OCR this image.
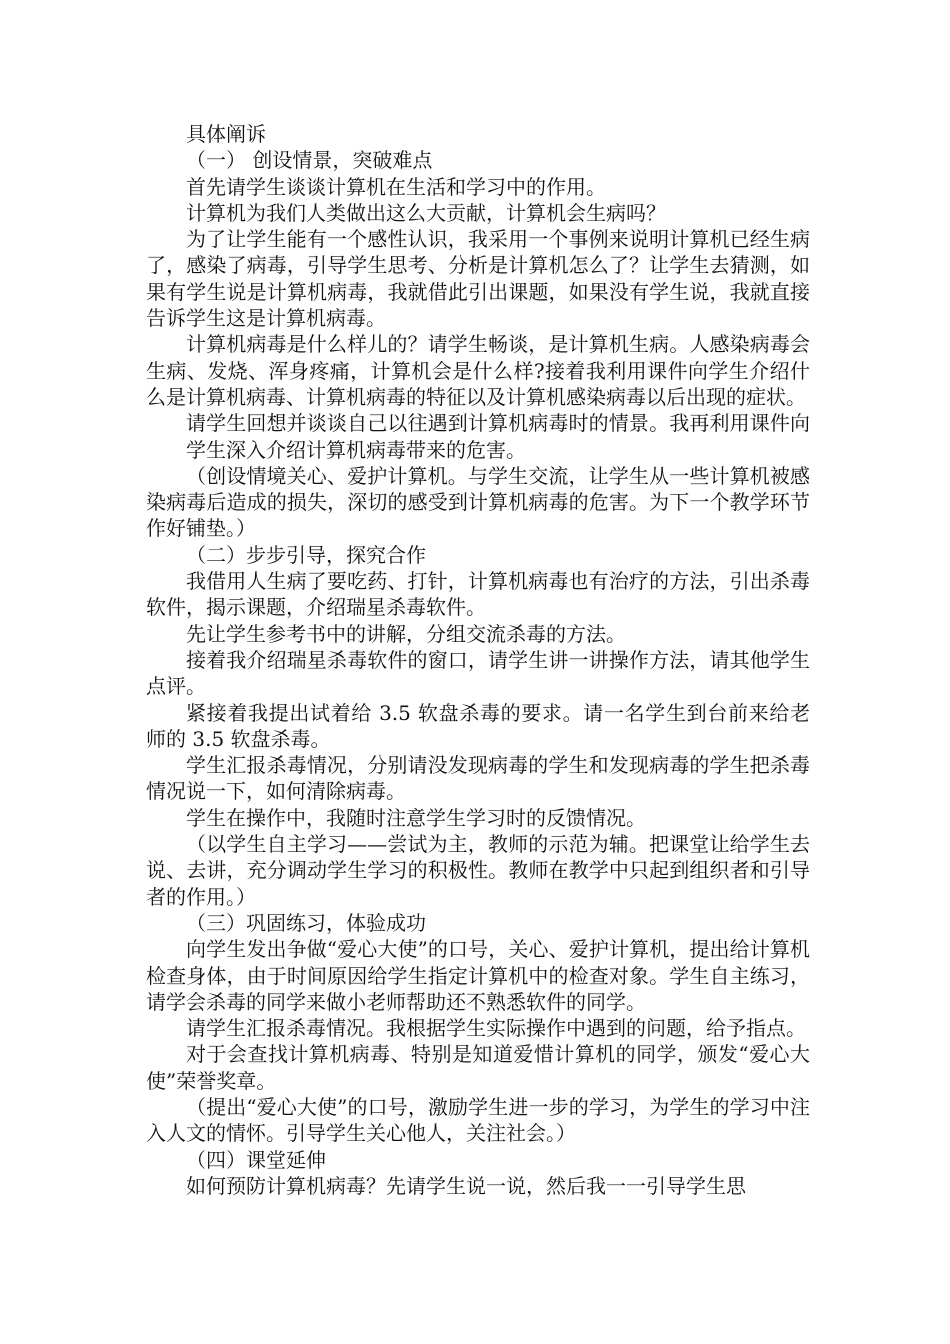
具体阐诉

（一） 创设情景，突破难点

首先请学生谈谈计算机在生活和学习中的作用。

计算机为我们人类做出这么大贡献，计算机会生病吗？

为了让学生能有一个感性认识，我采用一个事例来说明计算机已经生病了，感染了病毒，引导学生思考、分析是计算机怎么了？让学生去猜测，如果有学生说是计算机病毒，我就借此引出课题，如果没有学生说，我就直接告诉学生这是计算机病毒。

计算机病毒是什么样儿的？请学生畅谈，是计算机生病。人感染病毒会生病、发烧、浑身疼痛，计算机会是什么样?接着我利用课件向学生介绍什么是计算机病毒、计算机病毒的特征以及计算机感染病毒以后出现的症状。

请学生回想并谈谈自己以往遇到计算机病毒时的情景。我再利用课件向学生深入介绍计算机病毒带来的危害。

（创设情境关心、爱护计算机。与学生交流，让学生从一些计算机被感染病毒后造成的损失，深切的感受到计算机病毒的危害。为下一个教学环节作好铺垫。）

（二）步步引导，探究合作

我借用人生病了要吃药、打针，计算机病毒也有治疗的方法，引出杀毒软件，揭示课题，介绍瑞星杀毒软件。

先让学生参考书中的讲解，分组交流杀毒的方法。

接着我介绍瑞星杀毒软件的窗口，请学生讲一讲操作方法，请其他学生点评。

紧接着我提出试着给 3.5 软盘杀毒的要求。请一名学生到台前来给老师的 3.5 软盘杀毒。

学生汇报杀毒情况，分别请没发现病毒的学生和发现病毒的学生把杀毒情况说一下，如何清除病毒。

学生在操作中，我随时注意学生学习时的反馈情况。

（以学生自主学习——尝试为主，教师的示范为辅。把课堂让给学生去说、去讲，充分调动学生学习的积极性。教师在教学中只起到组织者和引导者的作用。）

（三）巩固练习，体验成功

向学生发出争做“爱心大使”的口号，关心、爱护计算机，提出给计算机检查身体，由于时间原因给学生指定计算机中的检查对象。学生自主练习，请学会杀毒的同学来做小老师帮助还不熟悉软件的同学。

请学生汇报杀毒情况。我根据学生实际操作中遇到的问题，给予指点。

对于会查找计算机病毒、特别是知道爱惜计算机的同学，颁发“爱心大使”荣誉奖章。

（提出“爱心大使”的口号，激励学生进一步的学习，为学生的学习中注入人文的情怀。引导学生关心他人，关注社会。）

（四）课堂延伸

如何预防计算机病毒？先请学生说一说，然后我一一引导学生思
